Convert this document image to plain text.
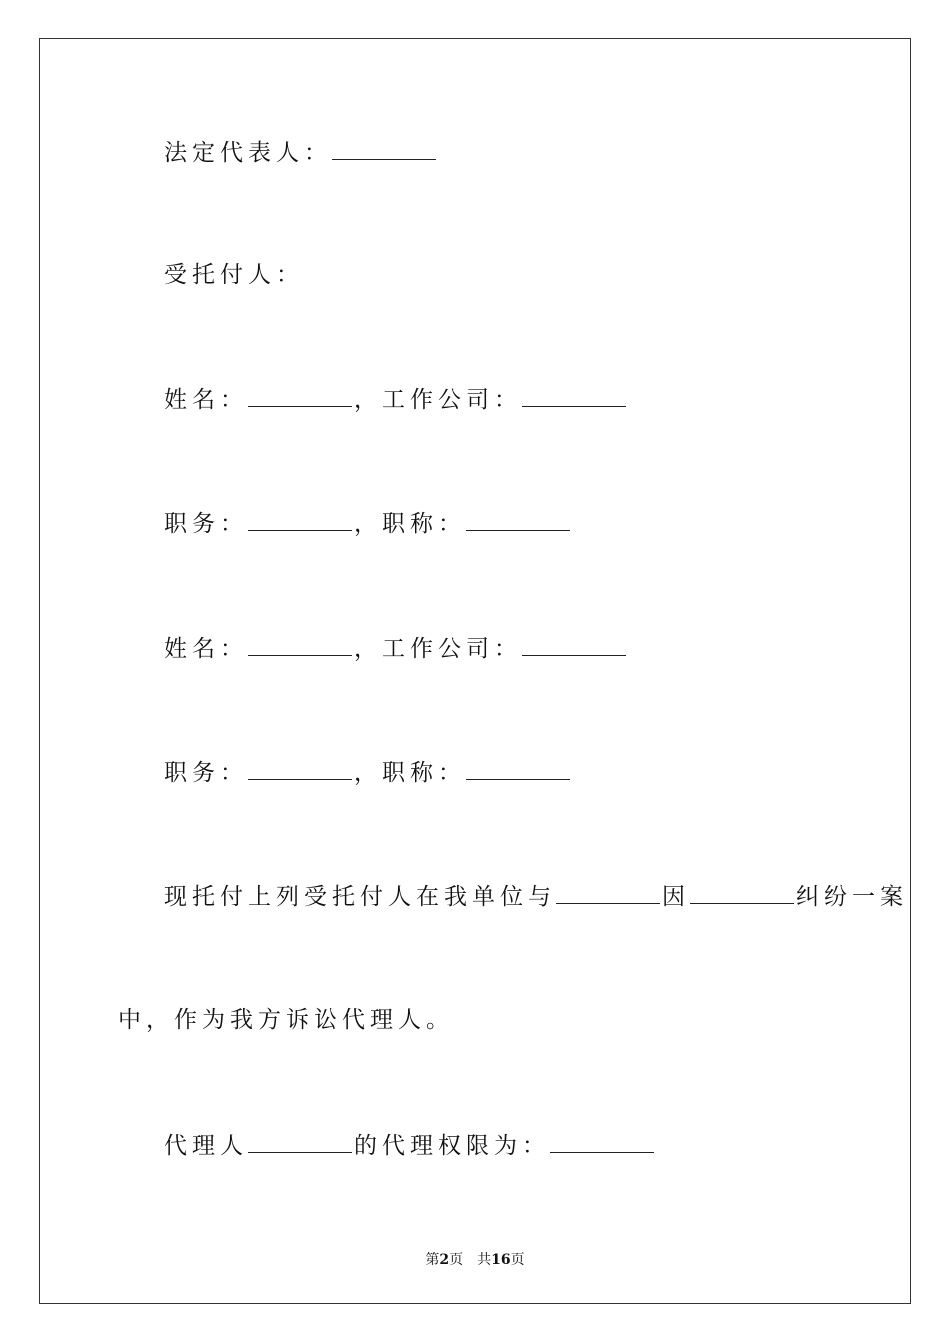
法定代表人：
受托付人：
姓名：	，工作公司：
职务：	，职称：
姓名：	，工作公司：
职务：	，职称：
现托付上列受托付人在我单位与	因	纠纷一案
中，作为我方诉讼代理人。
代理人	的代理权限为：
第2页 共16页
